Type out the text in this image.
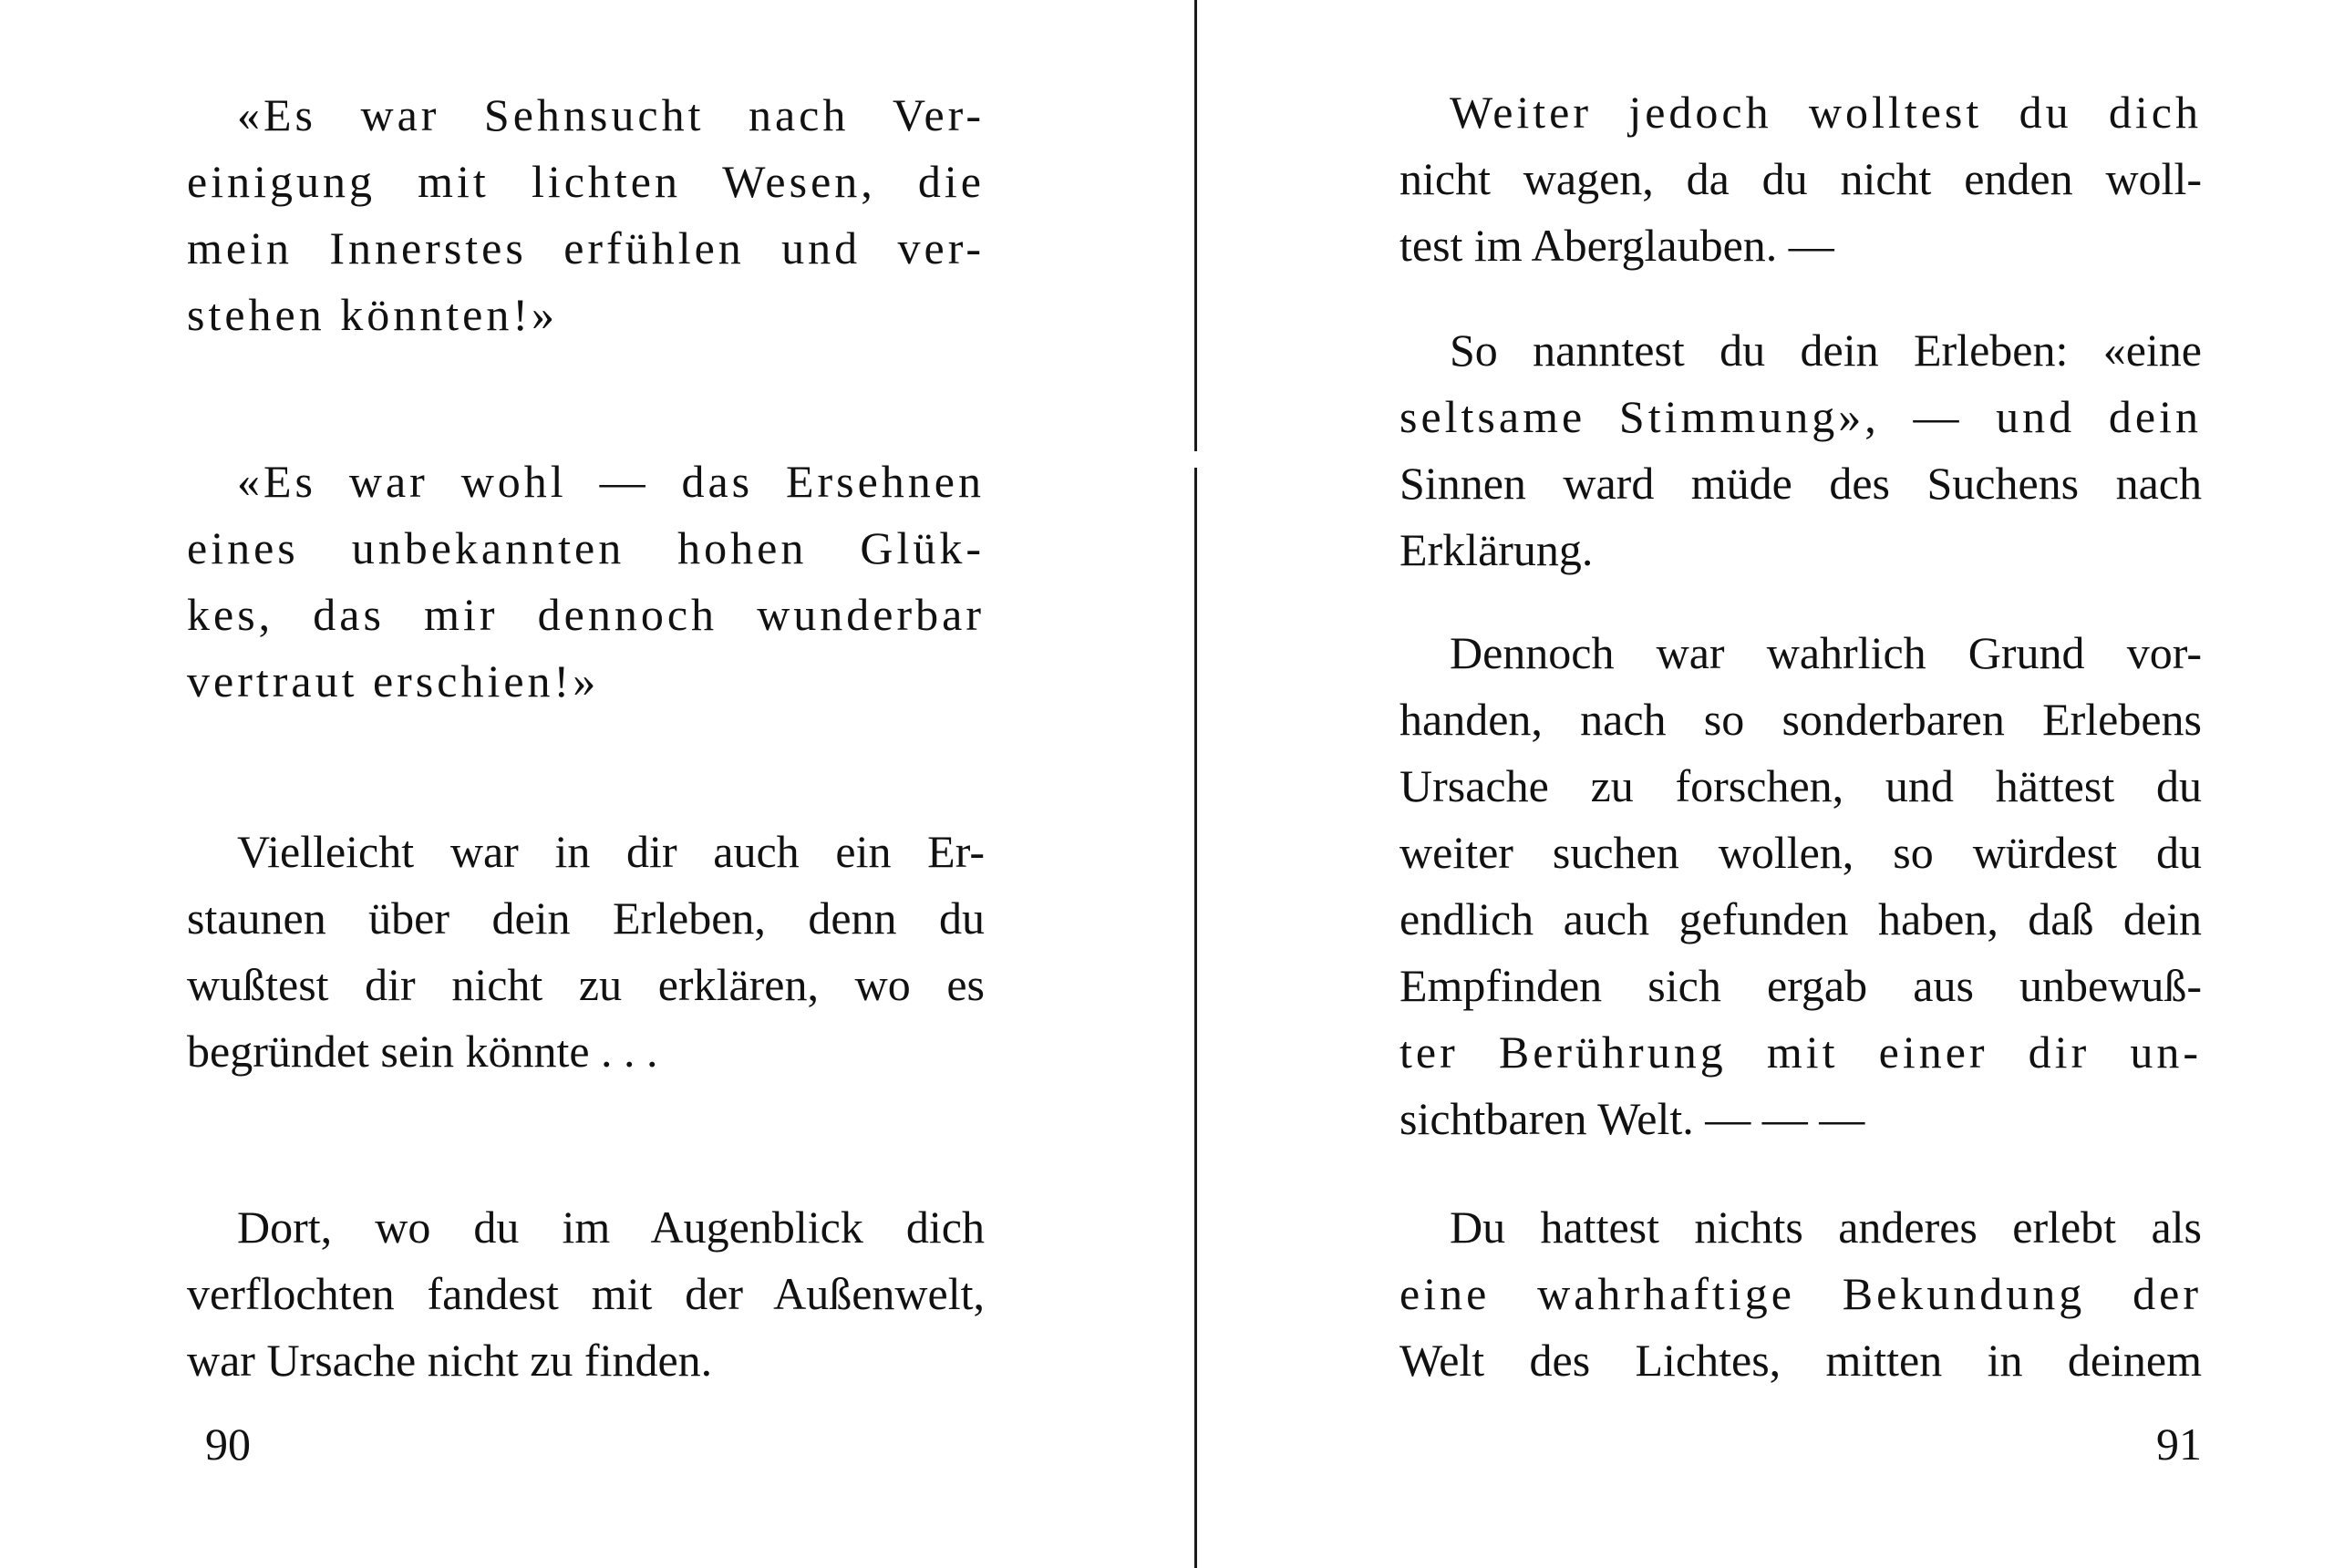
«Es war Sehnsucht nach Ver-
einigung mit lichten Wesen, die
mein Innerstes erfühlen und ver-
stehen könnten!»

«Es war wohl — das Ersehnen
eines unbekannten hohen Glük-
kes, das mir dennoch wunderbar
vertraut erschien!»

Vielleicht war in dir auch ein Er-
staunen über dein Erleben, denn du
wußtest dir nicht zu erklären, wo es
begründet sein könnte . . .

Dort, wo du im Augenblick dich
verflochten fandest mit der Außenwelt,
war Ursache nicht zu finden.

90

Weiter jedoch wolltest du dich
nicht wagen, da du nicht enden woll-
test im Aberglauben. —

So nanntest du dein Erleben: «eine
seltsame Stimmung», — und dein
Sinnen ward müde des Suchens nach
Erklärung.

Dennoch war wahrlich Grund vor-
handen, nach so sonderbaren Erlebens
Ursache zu forschen, und hättest du
weiter suchen wollen, so würdest du
endlich auch gefunden haben, daß dein
Empfinden sich ergab aus unbewuß-
ter Berührung mit einer dir un-
sichtbaren Welt. — — —

Du hattest nichts anderes erlebt als
eine wahrhaftige Bekundung der
Welt des Lichtes, mitten in deinem

91
